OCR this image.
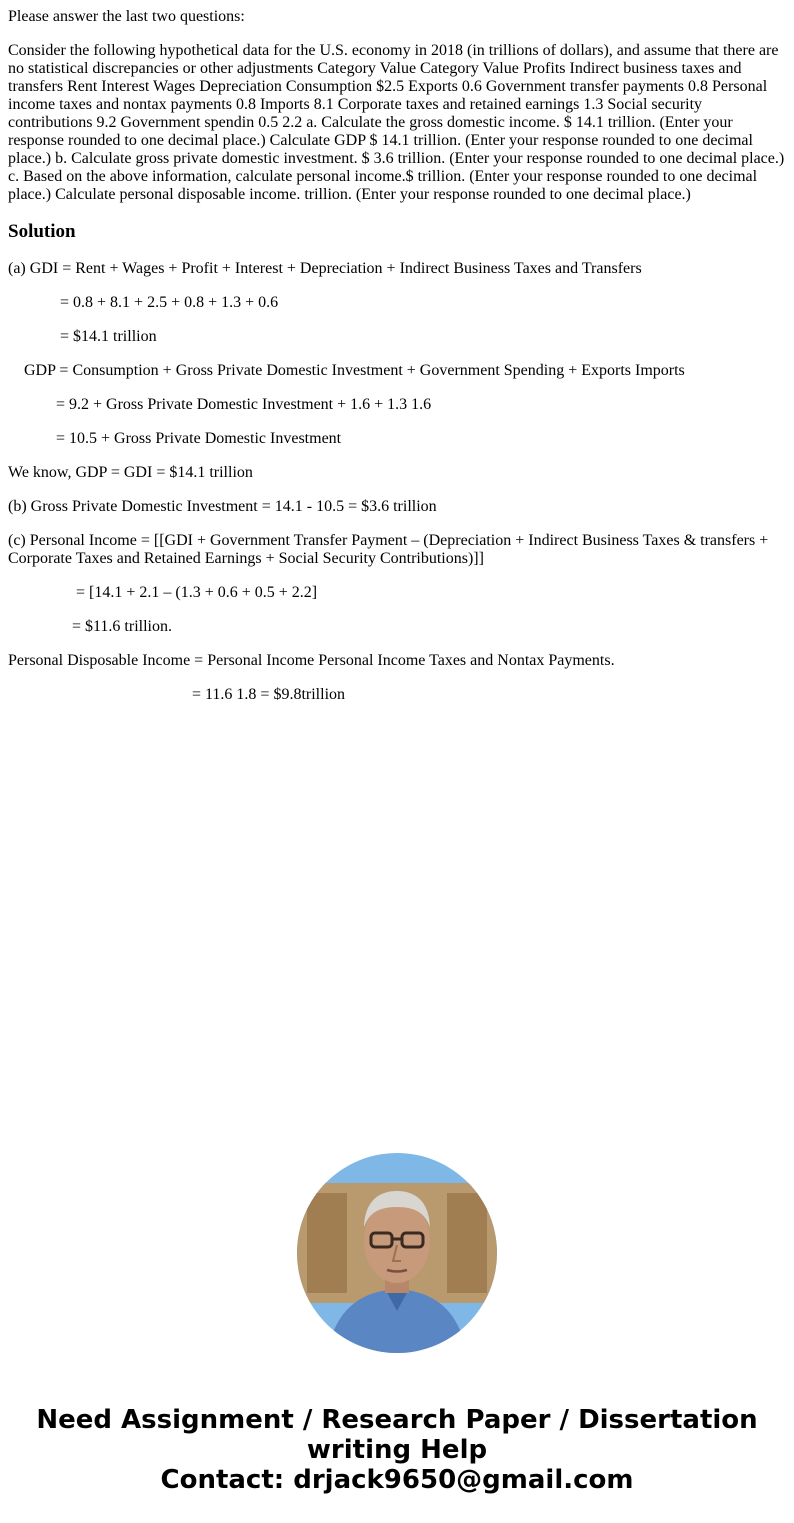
Please answer the last two questions:

Consider the following hypothetical data for the U.S. economy in 2018 (in trillions of dollars), and assume that there are no statistical discrepancies or other adjustments Category Value Category Value Profits Indirect business taxes and transfers Rent Interest Wages Depreciation Consumption $2.5 Exports 0.6 Government transfer payments 0.8 Personal income taxes and nontax payments 0.8 Imports 8.1 Corporate taxes and retained earnings 1.3 Social security contributions 9.2 Government spendin 0.5 2.2 a. Calculate the gross domestic income. $ 14.1 trillion. (Enter your response rounded to one decimal place.) Calculate GDP $ 14.1 trillion. (Enter your response rounded to one decimal place.) b. Calculate gross private domestic investment. $ 3.6 trillion. (Enter your response rounded to one decimal place.) c. Based on the above information, calculate personal income.$ trillion. (Enter your response rounded to one decimal place.) Calculate personal disposable income. trillion. (Enter your response rounded to one decimal place.)

Solution

(a) GDI = Rent + Wages + Profit + Interest + Depreciation + Indirect Business Taxes and Transfers

= 0.8 + 8.1 + 2.5 + 0.8 + 1.3 + 0.6

= $14.1 trillion

GDP = Consumption + Gross Private Domestic Investment + Government Spending + Exports Imports

= 9.2 + Gross Private Domestic Investment + 1.6 + 1.3 1.6

= 10.5 + Gross Private Domestic Investment

We know, GDP = GDI = $14.1 trillion

(b) Gross Private Domestic Investment = 14.1 - 10.5 = $3.6 trillion

(c) Personal Income = [[GDI + Government Transfer Payment – (Depreciation + Indirect Business Taxes & transfers + Corporate Taxes and Retained Earnings + Social Security Contributions)]]

= [14.1 + 2.1 – (1.3 + 0.6 + 0.5 + 2.2]

= $11.6 trillion.

Personal Disposable Income = Personal Income Personal Income Taxes and Nontax Payments.

= 11.6 1.8 = $9.8trillion

Need Assignment / Research Paper / Dissertation
writing Help
Contact: drjack9650@gmail.com
